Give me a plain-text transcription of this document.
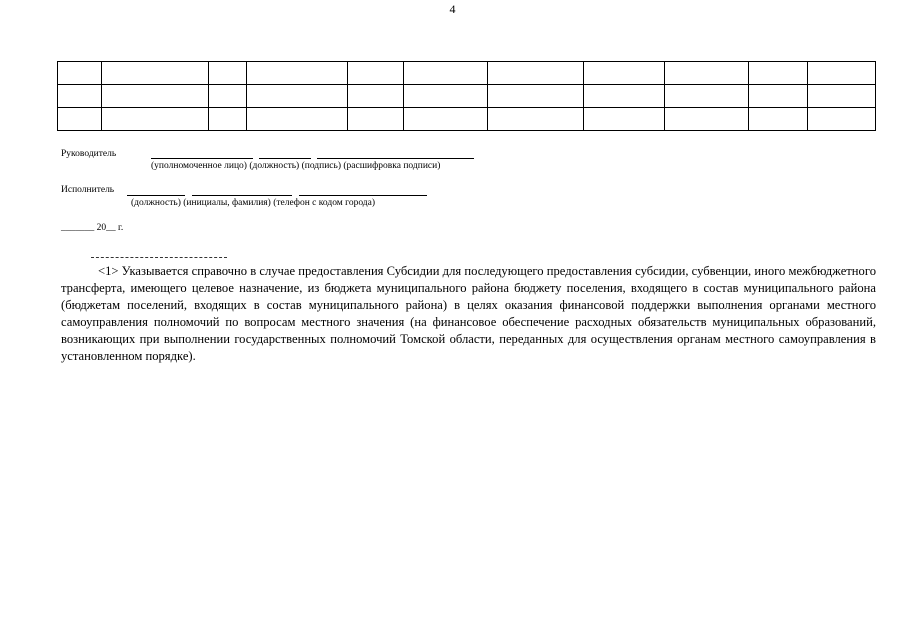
4

Руководитель
(уполномоченное лицо) (должность) (подпись) (расшифровка подписи)
Исполнитель
(должность) (инициалы, фамилия) (телефон с кодом города)
_______ 20__ г.

<1> Указывается справочно в случае предоставления Субсидии для последующего предоставления субсидии, субвенции, иного межбюджетного трансферта, имеющего целевое назначение, из бюджета муниципального района бюджету поселения, входящего в состав муниципального района (бюджетам поселений, входящих в состав муниципального района) в целях оказания финансовой поддержки выполнения органами местного самоуправления полномочий по вопросам местного значения (на финансовое обеспечение расходных обязательств муниципальных образований, возникающих при выполнении государственных полномочий Томской области, переданных для осуществления органам местного самоуправления в установленном порядке).
